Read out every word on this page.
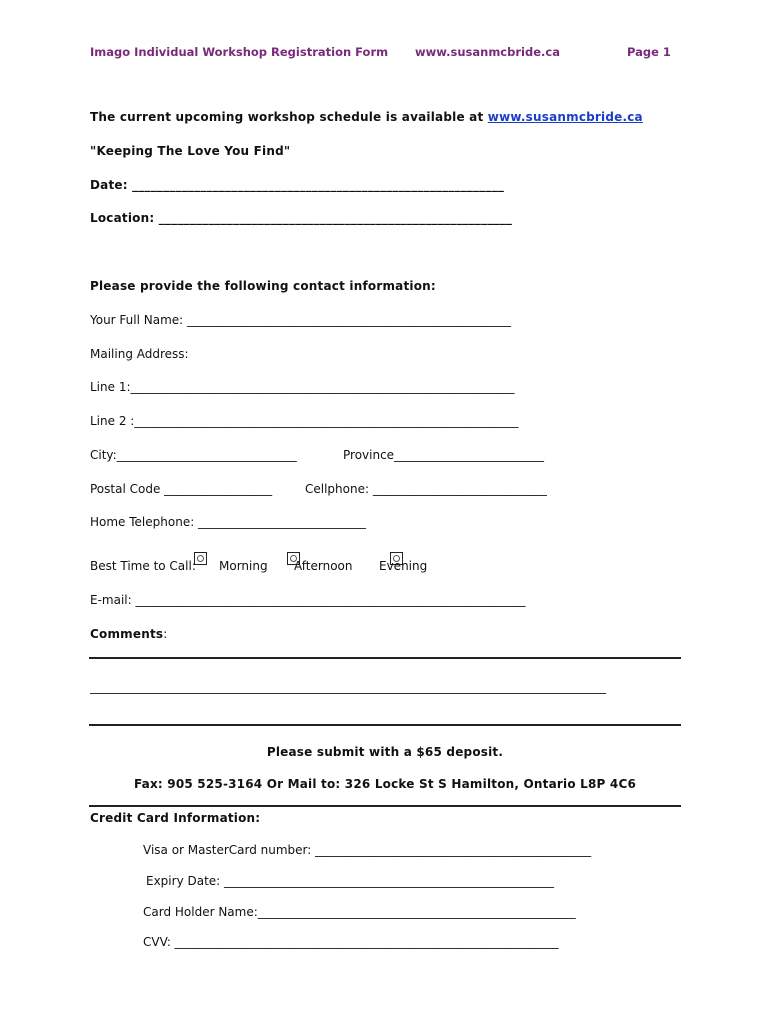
Imago Individual Workshop Registration Form www.susanmcbride.ca	Page 1
The current upcoming workshop schedule is available at www.susanmcbride.ca
"Keeping The Love You Find"
Date: ____________________________________________________________
Location: _________________________________________________________
Please provide the following contact information:
Your Full Name: ______________________________________________________
Mailing Address:
Line 1:________________________________________________________________
Line 2 :________________________________________________________________
City:______________________________	Province_________________________
Postal Code __________________	Cellphone: _____________________________
Home Telephone: ____________________________
Best Time to Call:
Morning
Afternoon Evening
E-mail: _________________________________________________________________
Comments:
______________________________________________________________________________________
Please submit with a $65 deposit.
Fax: 905 525-3164 Or Mail to: 326 Locke St S Hamilton, Ontario L8P 4C6
Credit Card Information:
Visa or MasterCard number: ______________________________________________
Expiry Date: _______________________________________________________
Card Holder Name:_____________________________________________________
CVV: ________________________________________________________________
